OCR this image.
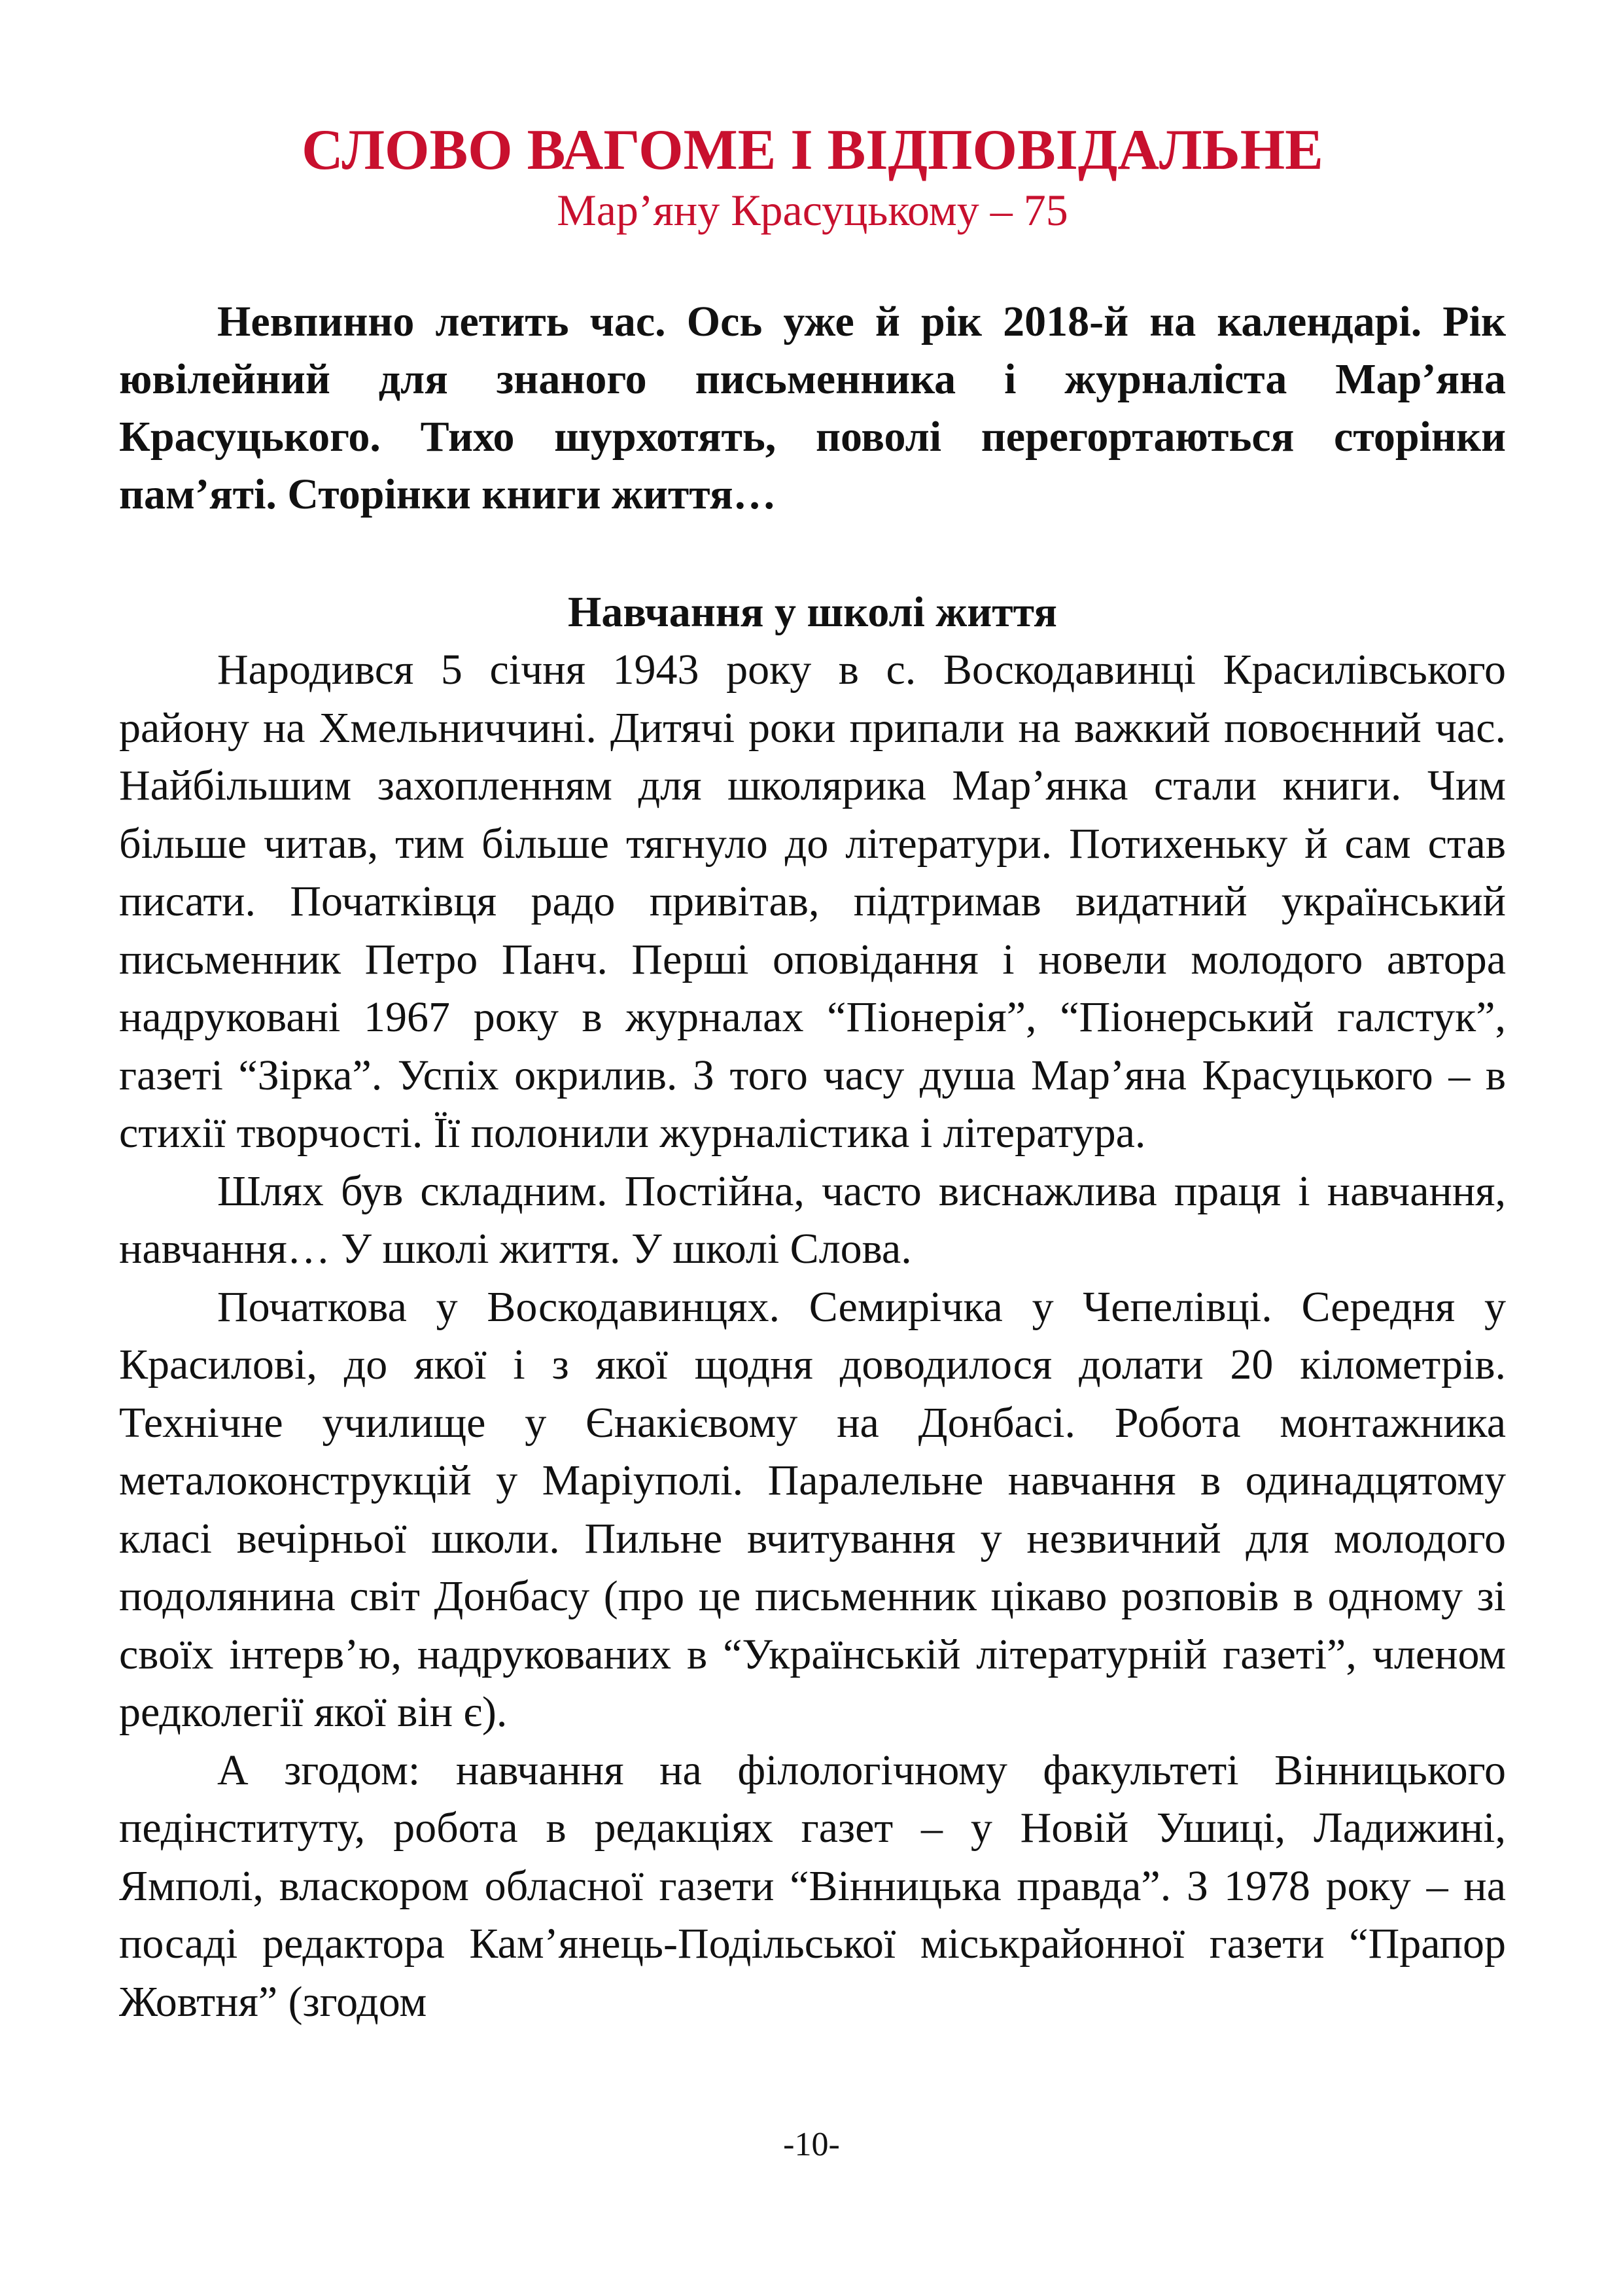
СЛОВО ВАГОМЕ І ВІДПОВІДАЛЬНЕ
Мар’яну Красуцькому – 75

Невпинно летить час. Ось уже й рік 2018-й на календарі. Рік ювілейний для знаного письменника і журналіста Мар’яна Красуцького. Тихо шурхотять, поволі перегортаються сторінки пам’яті. Сторінки книги життя…

Навчання у школі життя

Народився 5 січня 1943 року в с. Воскодавинці Красилівського району на Хмельниччині. Дитячі роки припали на важкий повоєнний час. Найбільшим захопленням для школярика Мар’янка стали книги. Чим більше читав, тим більше тягнуло до літератури. Потихеньку й сам став писати. Початківця радо привітав, підтримав видатний український письменник Петро Панч. Перші оповідання і новели молодого автора надруковані 1967 року в журналах “Піонерія”, “Піонерський галстук”, газеті “Зірка”. Успіх окрилив. З того часу душа Мар’яна Красуцького – в стихії творчості. Її полонили журналістика і література.

Шлях був складним. Постійна, часто виснажлива праця і навчання, навчання… У школі життя. У школі Слова.

Початкова у Воскодавинцях. Семирічка у Чепелівці. Середня у Красилові, до якої і з якої щодня доводилося долати 20 кілометрів. Технічне училище у Єнакієвому на Донбасі. Робота монтажника металоконструкцій у Маріуполі. Паралельне навчання в одинадцятому класі вечірньої школи. Пильне вчитування у незвичний для молодого подолянина світ Донбасу (про це письменник цікаво розповів в одному зі своїх інтерв’ю, надрукованих в “Українській літературній газеті”, членом редколегії якої він є).

А згодом: навчання на філологічному факультеті Вінницького педінституту, робота в редакціях газет – у Новій Ушиці, Ладижині, Ямполі, власкором обласної газети “Вінницька правда”. З 1978 року – на посаді редактора Кам’янець-Подільської міськрайонної газети “Прапор Жовтня” (згодом

-10-
